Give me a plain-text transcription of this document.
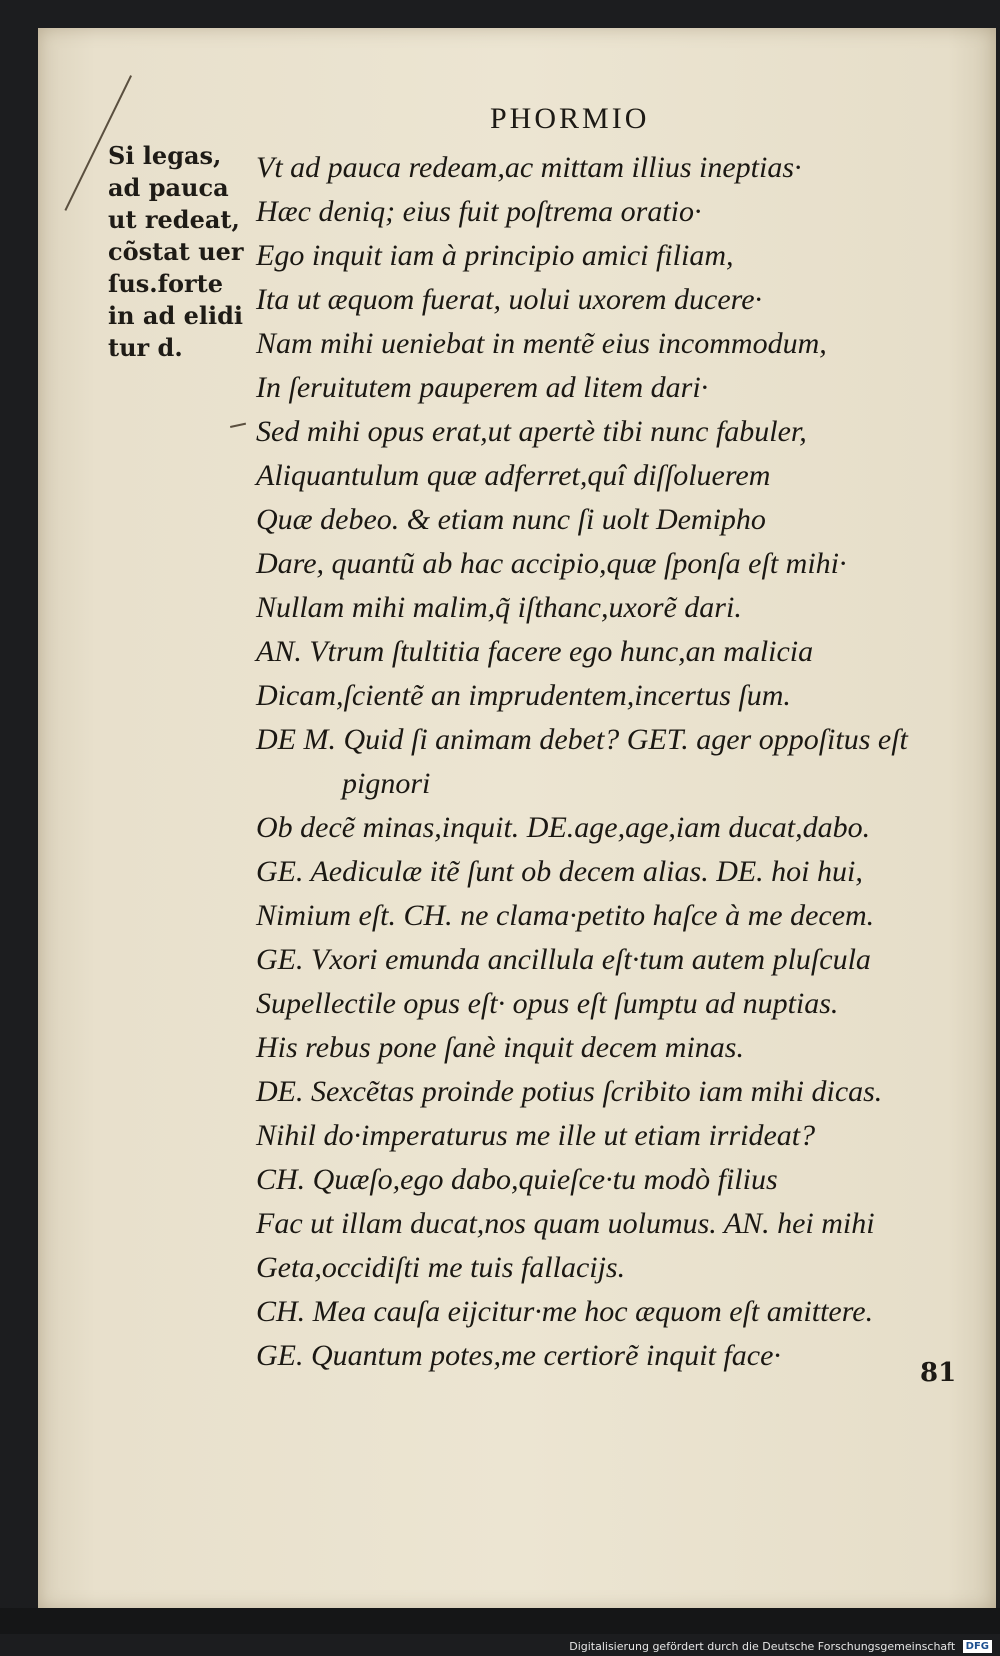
PHORMIO
Si legas,
ad pauca
ut redeat,
cõstat uer
ſus.forte
in ad elidi
tur d.
Vt ad pauca redeam,ac mittam illius ineptias·
Hæc deniq; eius fuit poſtrema oratio·
Ego inquit iam à principio amici filiam,
Ita ut æquom fuerat, uolui uxorem ducere·
Nam mihi ueniebat in mentẽ eius incommodum,
In ſeruitutem pauperem ad litem dari·
Sed mihi opus erat,ut apertè tibi nunc fabuler,
Aliquantulum quæ adferret,quî diſſoluerem
Quæ debeo. & etiam nunc ſi uolt Demipho
Dare, quantũ ab hac accipio,quæ ſponſa eſt mihi·
Nullam mihi malim,q̃ iſthanc,uxorẽ dari.
AN. Vtrum ſtultitia facere ego hunc,an malicia
Dicam,ſcientẽ an imprudentem,incertus ſum.
DE M. Quid ſi animam debet? GET. ager oppoſitus eſt
pignori
Ob decẽ minas,inquit. DE.age,age,iam ducat,dabo.
GE. Aediculæ itẽ ſunt ob decem alias. DE. hoi hui,
Nimium eſt. CH. ne clama·petito haſce à me decem.
GE. Vxori emunda ancillula eſt·tum autem pluſcula
Supellectile opus eſt· opus eſt ſumptu ad nuptias.
His rebus pone ſanè inquit decem minas.
DE. Sexcẽtas proinde potius ſcribito iam mihi dicas.
Nihil do·imperaturus me ille ut etiam irrideat?
CH. Quæſo,ego dabo,quieſce·tu modò filius
Fac ut illam ducat,nos quam uolumus. AN. hei mihi
Geta,occidiſti me tuis fallacijs.
CH. Mea cauſa eijcitur·me hoc æquom eſt amittere.
GE. Quantum potes,me certiorẽ inquit face·
81
Digitalisierung gefördert durch die Deutsche Forschungsgemeinschaft DFG
